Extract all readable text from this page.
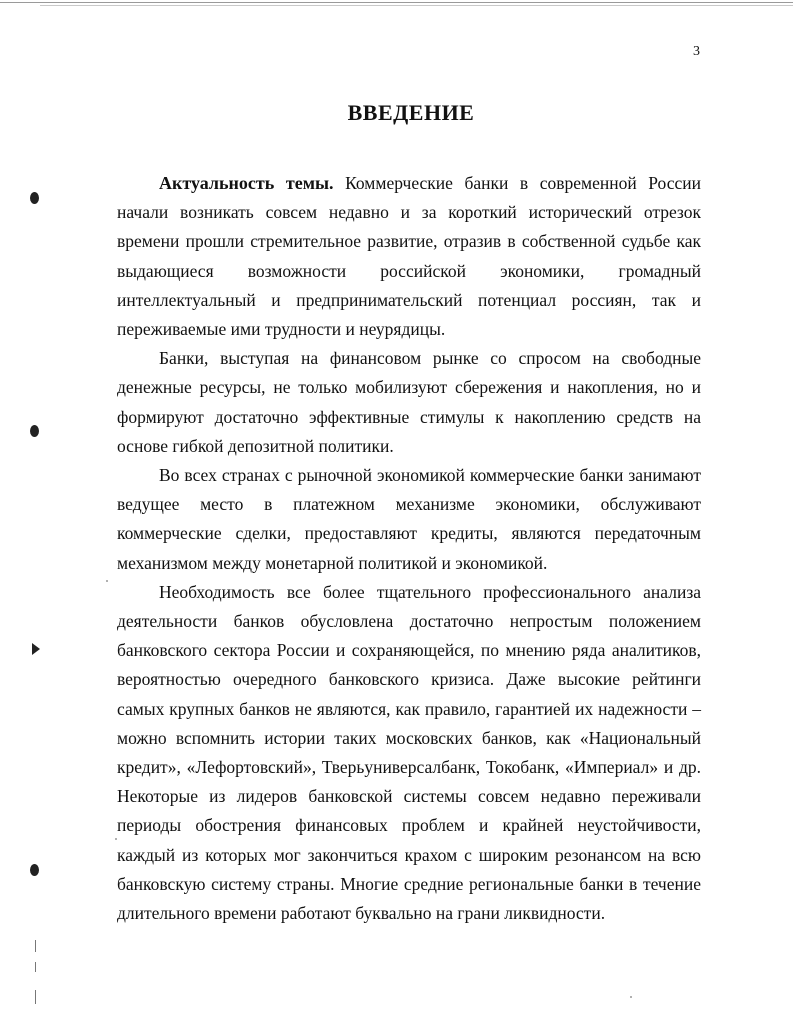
3
ВВЕДЕНИЕ

Актуальность темы. Коммерческие банки в современной России начали возникать совсем недавно и за короткий исторический отрезок времени прошли стремительное развитие, отразив в собственной судьбе как выдающиеся возможности российской экономики, громадный интеллектуальный и предпринимательский потенциал россиян, так и переживаемые ими трудности и неурядицы.

Банки, выступая на финансовом рынке со спросом на свободные денежные ресурсы, не только мобилизуют сбережения и накопления, но и формируют достаточно эффективные стимулы к накоплению средств на основе гибкой депозитной политики.

Во всех странах с рыночной экономикой коммерческие банки занимают ведущее место в платежном механизме экономики, обслуживают коммерческие сделки, предоставляют кредиты, являются передаточным механизмом между монетарной политикой и экономикой.

Необходимость все более тщательного профессионального анализа деятельности банков обусловлена достаточно непростым положением банковского сектора России и сохраняющейся, по мнению ряда аналитиков, вероятностью очередного банковского кризиса. Даже высокие рейтинги самых крупных банков не являются, как правило, гарантией их надежности – можно вспомнить истории таких московских банков, как «Национальный кредит», «Лефортовский», Тверьуниверсалбанк, Токобанк, «Империал» и др. Некоторые из лидеров банковской системы совсем недавно переживали периоды обострения финансовых проблем и крайней неустойчивости, каждый из которых мог закончиться крахом с широким резонансом на всю банковскую систему страны. Многие средние региональные банки в течение длительного времени работают буквально на грани ликвидности.
